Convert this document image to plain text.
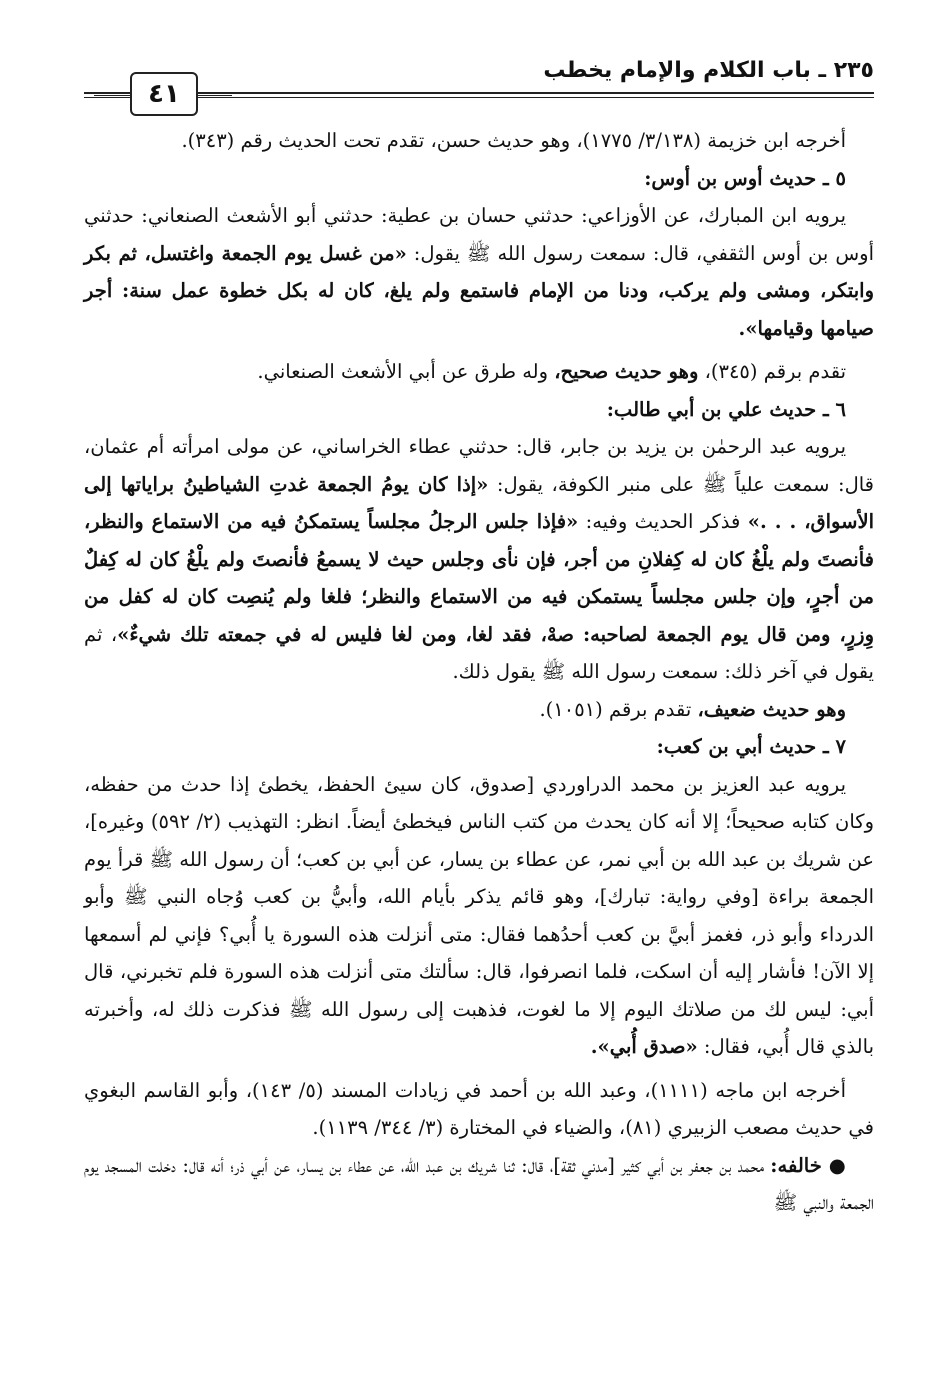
٢٣٥ ـ باب الكلام والإمام يخطب
٤١

أخرجه ابن خزيمة (٣/١٣٨/ ١٧٧٥)، وهو حديث حسن، تقدم تحت الحديث رقم (٣٤٣).

٥ ـ حديث أوس بن أوس:

يرويه ابن المبارك، عن الأوزاعي: حدثني حسان بن عطية: حدثني أبو الأشعث الصنعاني: حدثني أوس بن أوس الثقفي، قال: سمعت رسول الله ﷺ يقول: «من غسل يوم الجمعة واغتسل، ثم بكر وابتكر، ومشى ولم يركب، ودنا من الإمام فاستمع ولم يلغ، كان له بكل خطوة عمل سنة: أجر صيامها وقيامها».

تقدم برقم (٣٤٥)، وهو حديث صحيح، وله طرق عن أبي الأشعث الصنعاني.

٦ ـ حديث علي بن أبي طالب:

يرويه عبد الرحمٰن بن يزيد بن جابر، قال: حدثني عطاء الخراساني، عن مولى امرأته أم عثمان، قال: سمعت علياً ﷺ على منبر الكوفة، يقول: «إذا كان يومُ الجمعة غدتِ الشياطينُ براياتها إلى الأسواق، . . .» فذكر الحديث وفيه: «فإذا جلس الرجلُ مجلساً يستمكنُ فيه من الاستماع والنظر، فأنصتَ ولم يلْغُ كان له كِفلانِ من أجر، فإن نأى وجلس حيث لا يسمعُ فأنصتَ ولم يلْغُ كان له كِفلٌ من أجرٍ، وإن جلس مجلساً يستمكن فيه من الاستماع والنظر؛ فلغا ولم يُنصِت كان له كفل من وِزرٍ، ومن قال يوم الجمعة لصاحبه: صهْ، فقد لغا، ومن لغا فليس له في جمعته تلك شيءٌ»، ثم يقول في آخر ذلك: سمعت رسول الله ﷺ يقول ذلك.

وهو حديث ضعيف، تقدم برقم (١٠٥١).

٧ ـ حديث أبي بن كعب:

يرويه عبد العزيز بن محمد الدراوردي [صدوق، كان سيئ الحفظ، يخطئ إذا حدث من حفظه، وكان كتابه صحيحاً؛ إلا أنه كان يحدث من كتب الناس فيخطئ أيضاً. انظر: التهذيب (٢/ ٥٩٢) وغيره]، عن شريك بن عبد الله بن أبي نمر، عن عطاء بن يسار، عن أبي بن كعب؛ أن رسول الله ﷺ قرأ يوم الجمعة براءة [وفي رواية: تبارك]، وهو قائم يذكر بأيام الله، وأبيُّ بن كعب وُجاه النبي ﷺ وأبو الدرداء وأبو ذر، فغمز أبيَّ بن كعب أحدُهما فقال: متى أنزلت هذه السورة يا أُبي؟ فإني لم أسمعها إلا الآن! فأشار إليه أن اسكت، فلما انصرفوا، قال: سألتك متى أنزلت هذه السورة فلم تخبرني، قال أبي: ليس لك من صلاتك اليوم إلا ما لغوت، فذهبت إلى رسول الله ﷺ فذكرت ذلك له، وأخبرته بالذي قال أُبي، فقال: «صدق أُبي».

أخرجه ابن ماجه (١١١١)، وعبد الله بن أحمد في زيادات المسند (٥/ ١٤٣)، وأبو القاسم البغوي في حديث مصعب الزبيري (٨١)، والضياء في المختارة (٣/ ٣٤٤/ ١١٣٩).

● خالفه: محمد بن جعفر بن أبي كثير [مدني ثقة]، قال: ثنا شريك بن عبد الله، عن عطاء بن يسار، عن أبي ذر؛ أنه قال: دخلت المسجد يوم الجمعة والنبي ﷺ
